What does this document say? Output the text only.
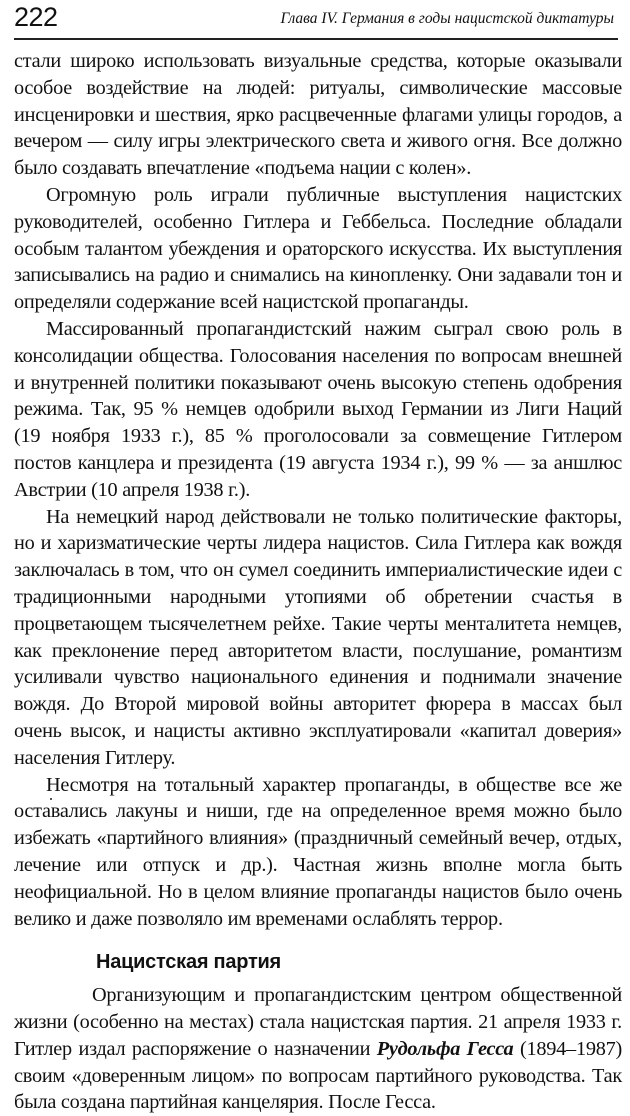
222	Глава IV. Германия в годы нацистской диктатуры

стали широко использовать визуальные средства, которые оказывали особое воздействие на людей: ритуалы, символические массовые инсценировки и шествия, ярко расцвеченные флагами улицы городов, а вечером — силу игры электрического света и живого огня. Все должно было создавать впечатление «подъема нации с колен».

Огромную роль играли публичные выступления нацистских руководителей, особенно Гитлера и Геббельса. Последние обладали особым талантом убеждения и ораторского искусства. Их выступления записывались на радио и снимались на кинопленку. Они задавали тон и определяли содержание всей нацистской пропаганды.

Массированный пропагандистский нажим сыграл свою роль в консолидации общества. Голосования населения по вопросам внешней и внутренней политики показывают очень высокую степень одобрения режима. Так, 95 % немцев одобрили выход Германии из Лиги Наций (19 ноября 1933 г.), 85 % проголосовали за совмещение Гитлером постов канцлера и президента (19 августа 1934 г.), 99 % — за аншлюс Австрии (10 апреля 1938 г.).

На немецкий народ действовали не только политические факторы, но и харизматические черты лидера нацистов. Сила Гитлера как вождя заключалась в том, что он сумел соединить империалистические идеи с традиционными народными утопиями об обретении счастья в процветающем тысячелетнем рейхе. Такие черты менталитета немцев, как преклонение перед авторитетом власти, послушание, романтизм усиливали чувство национального единения и поднимали значение вождя. До Второй мировой войны авторитет фюрера в массах был очень высок, и нацисты активно эксплуатировали «капитал доверия» населения Гитлеру.

Несмотря на тотальный характер пропаганды, в обществе все же оставались лакуны и ниши, где на определенное время можно было избежать «партийного влияния» (праздничный семейный вечер, отдых, лечение или отпуск и др.). Частная жизнь вполне могла быть неофициальной. Но в целом влияние пропаганды нацистов было очень велико и даже позволяло им временами ослаблять террор.

Нацистская партия

Организующим и пропагандистским центром общественной жизни (особенно на местах) стала нацистская партия. 21 апреля 1933 г. Гитлер издал распоряжение о назначении Рудольфа Гесса (1894–1987) своим «доверенным лицом» по вопросам партийного руководства. Так была создана партийная канцелярия. После Гесса.
